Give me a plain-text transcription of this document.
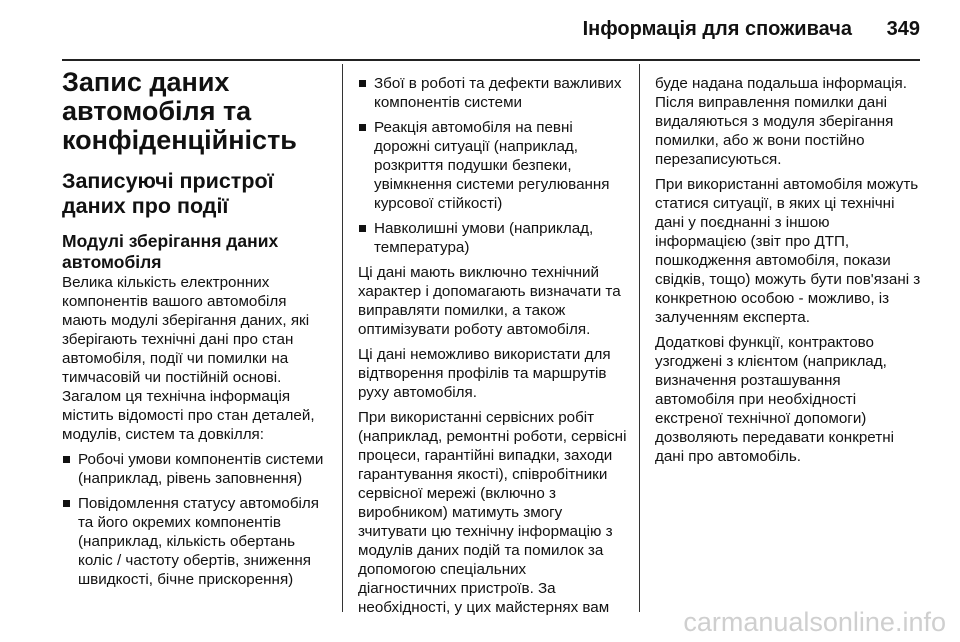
Інформація для споживача 349
Запис даних автомобіля та конфіденційність
Записуючі пристрої даних про події
Модулі зберігання даних автомобіля

Велика кількість електронних компонентів вашого автомобіля мають модулі зберігання даних, які зберігають технічні дані про стан автомобіля, події чи помилки на тимчасовій чи постійній основі. Загалом ця технічна інформація містить відомості про стан деталей, модулів, систем та довкілля:

Робочі умови компонентів системи (наприклад, рівень заповнення)
Повідомлення статусу автомобіля та його окремих компонентів (наприклад, кількість обертань коліс / частоту обертів, зниження швидкості, бічне прискорення)
Збої в роботі та дефекти важливих компонентів системи
Реакція автомобіля на певні дорожні ситуації (наприклад, розкриття подушки безпеки, увімкнення системи регулювання курсової стійкості)
Навколишні умови (наприклад, температура)

Ці дані мають виключно технічний характер і допомагають визначати та виправляти помилки, а також оптимізувати роботу автомобіля.

Ці дані неможливо використати для відтворення профілів та маршрутів руху автомобіля.

При використанні сервісних робіт (наприклад, ремонтні роботи, сервісні процеси, гарантійні випадки, заходи гарантування якості), співробітники сервісної мережі (включно з виробником) матимуть змогу зчитувати цю технічну інформацію з модулів даних подій та помилок за допомогою спеціальних діагностичних пристроїв. За необхідності, у цих майстернях вам

буде надана подальша інформація. Після виправлення помилки дані видаляються з модуля зберігання помилки, або ж вони постійно перезаписуються.

При використанні автомобіля можуть статися ситуації, в яких ці технічні дані у поєднанні з іншою інформацією (звіт про ДТП, пошкодження автомобіля, покази свідків, тощо) можуть бути пов'язані з конкретною особою - можливо, із залученням експерта.

Додаткові функції, контрактово узгоджені з клієнтом (наприклад, визначення розташування автомобіля при необхідності екстреної технічної допомоги) дозволяють передавати конкретні дані про автомобіль.

carmanualsonline.info
